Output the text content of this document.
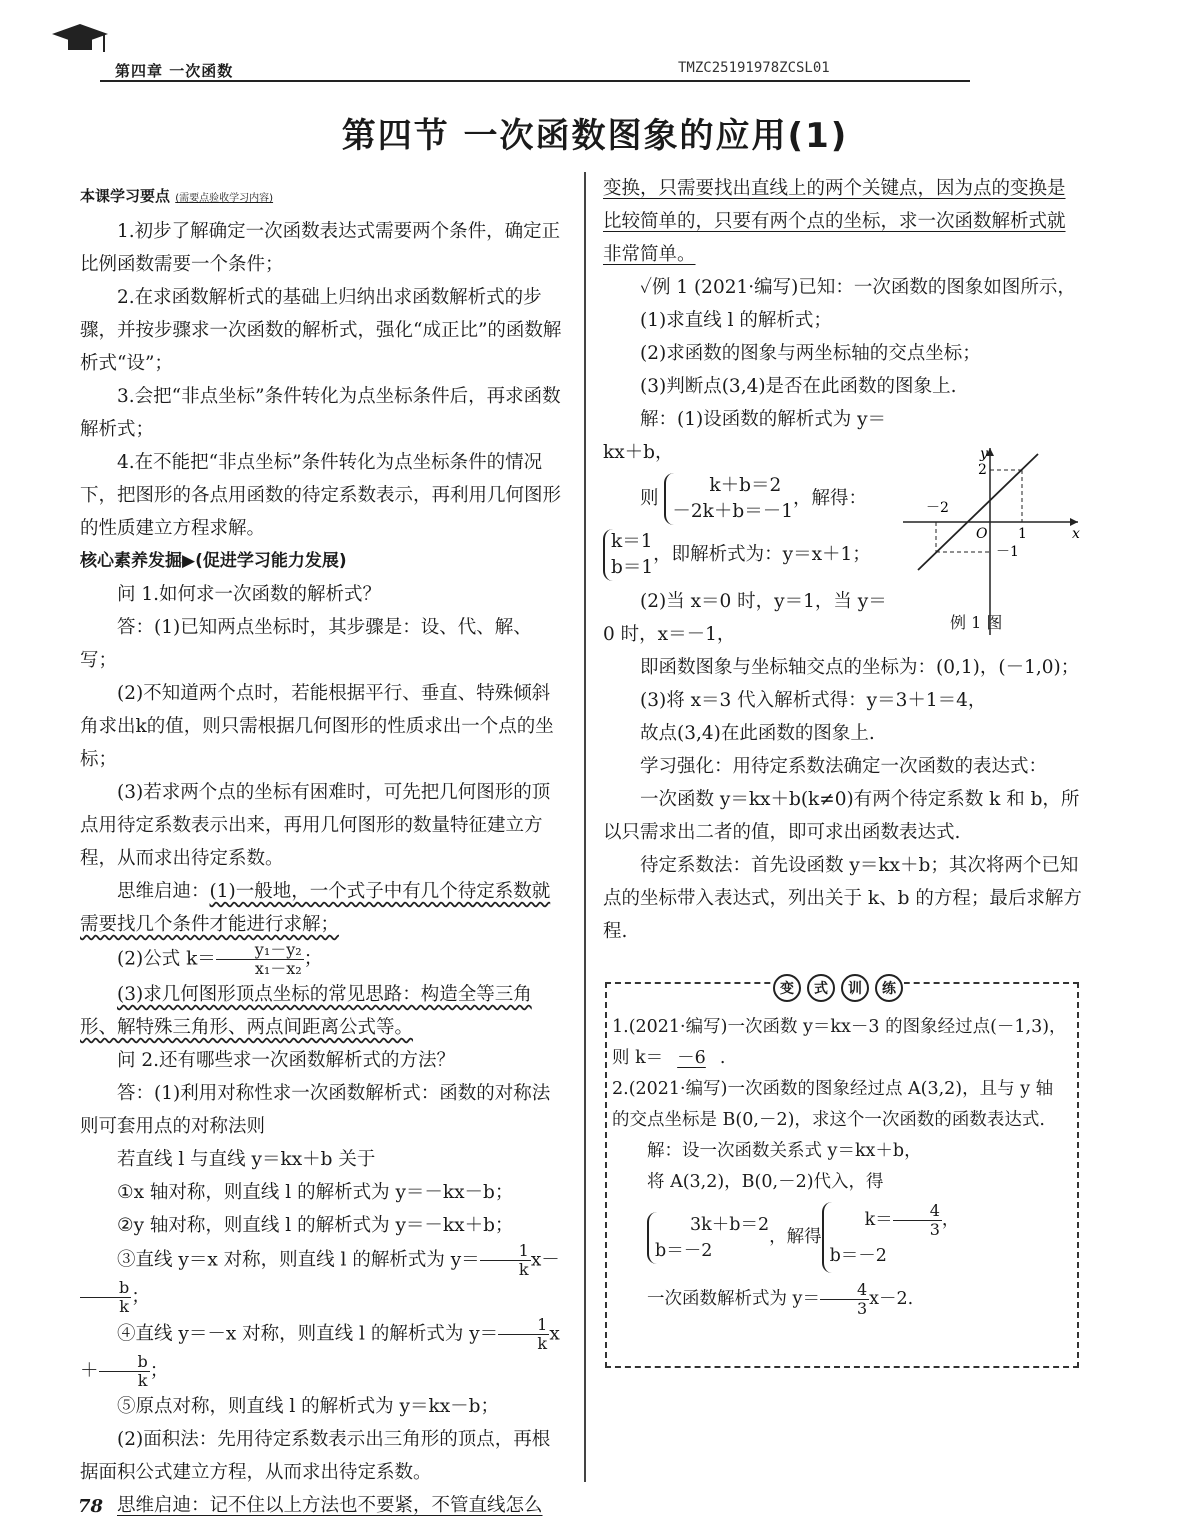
第四章 一次函数	TMZC25191978ZCSL01
第四节 一次函数图象的应用(1)

本课学习要点 (需要点验收学习内容)

1.初步了解确定一次函数表达式需要两个条件，确定正比例函数需要一个条件；

2.在求函数解析式的基础上归纳出求函数解析式的步骤，并按步骤求一次函数的解析式，强化“成正比”的函数解析式“设”；

3.会把“非点坐标”条件转化为点坐标条件后，再求函数解析式；

4.在不能把“非点坐标”条件转化为点坐标条件的情况下，把图形的各点用函数的待定系数表示，再利用几何图形的性质建立方程求解。

核心素养发掘▶(促进学习能力发展)

问 1.如何求一次函数的解析式？

答：(1)已知两点坐标时，其步骤是：设、代、解、写；

(2)不知道两个点时，若能根据平行、垂直、特殊倾斜角求出k的值，则只需根据几何图形的性质求出一个点的坐标；

(3)若求两个点的坐标有困难时，可先把几何图形的顶点用待定系数表示出来，再用几何图形的数量特征建立方程，从而求出待定系数。

思维启迪：(1)一般地，一个式子中有几个待定系数就需要找几个条件才能进行求解；

(2)公式 $k= \frac{\text{y₁－y₂}}{\text{x₁－x₂}}$ ；

(3)求几何图形顶点坐标的常见思路：构造全等三角形、解特殊三角形、两点间距离公式等。

问 2.还有哪些求一次函数解析式的方法？

答：(1)利用对称性求一次函数解析式：函数的对称法则可套用点的对称法则

若直线 l 与直线 y＝kx＋b 关于

①x 轴对称，则直线 l 的解析式为 y＝－kx－b；

②y 轴对称，则直线 l 的解析式为 y＝－kx＋b；

③直线 y＝x 对称，则直线 l 的解析式为 $y= \frac{1}{k} x-$
$\frac{b}{k}$ ；

④直线 y＝－x 对称，则直线 l 的解析式为 $y= \frac{1}{k} x+ \frac{b}{k}$ ；

⑤原点对称，则直线 l 的解析式为 y＝kx－b；

(2)面积法：先用待定系数表示出三角形的顶点，再根据面积公式建立方程，从而求出待定系数。

思维启迪：记不住以上方法也不要紧，不管直线怎么

变换，只需要找出直线上的两个关键点，因为点的变换是比较简单的，只要有两个点的坐标，求一次函数解析式就非常简单。

✓例 1 (2021·编写)已知：一次函数的图象如图所示，

(1)求直线 l 的解析式；

(2)求函数的图象与两坐标轴的交点坐标；

(3)判断点(3,4)是否在此函数的图象上.

解：(1)设函数的解析式为 y＝kx＋b，

则 k＋b＝2
－2k＋b＝－1，解得：

k＝1
b＝1，即解析式为：y＝x＋1；

(2)当 x＝0 时，y＝1，当 y＝0 时，x＝－1，

即函数图象与坐标轴交点的坐标为：(0,1)，(－1,0)；

(3)将 x＝3 代入解析式得：y＝3＋1＝4，

故点(3,4)在此函数的图象上.

学习强化：用待定系数法确定一次函数的表达式：

一次函数 y＝kx＋b(k≠0)有两个待定系数 k 和 b，所以只需求出二者的值，即可求出函数表达式.

待定系数法：首先设函数 y＝kx＋b；其次将两个已知点的坐标带入表达式，列出关于 k、b 的方程；最后求解方程.

y
x
O
2
－2
1
－1
例 1 图
变	式	训	练

1.(2021·编写)一次函数 y＝kx－3 的图象经过点(－1,3)，则 k＝ －6 .

2.(2021·编写)一次函数的图象经过点 A(3,2)，且与 y 轴的交点坐标是 B(0,－2)，求这个一次函数的函数表达式.

解：设一次函数关系式 y＝kx＋b，

将 A(3,2)，B(0,－2)代入，得

3k＋b＝2
b＝－2，解得$k= \frac{4}{3}$ ，
b＝－2

一次函数解析式为 $y= \frac{4}{3} x-2$.

78
